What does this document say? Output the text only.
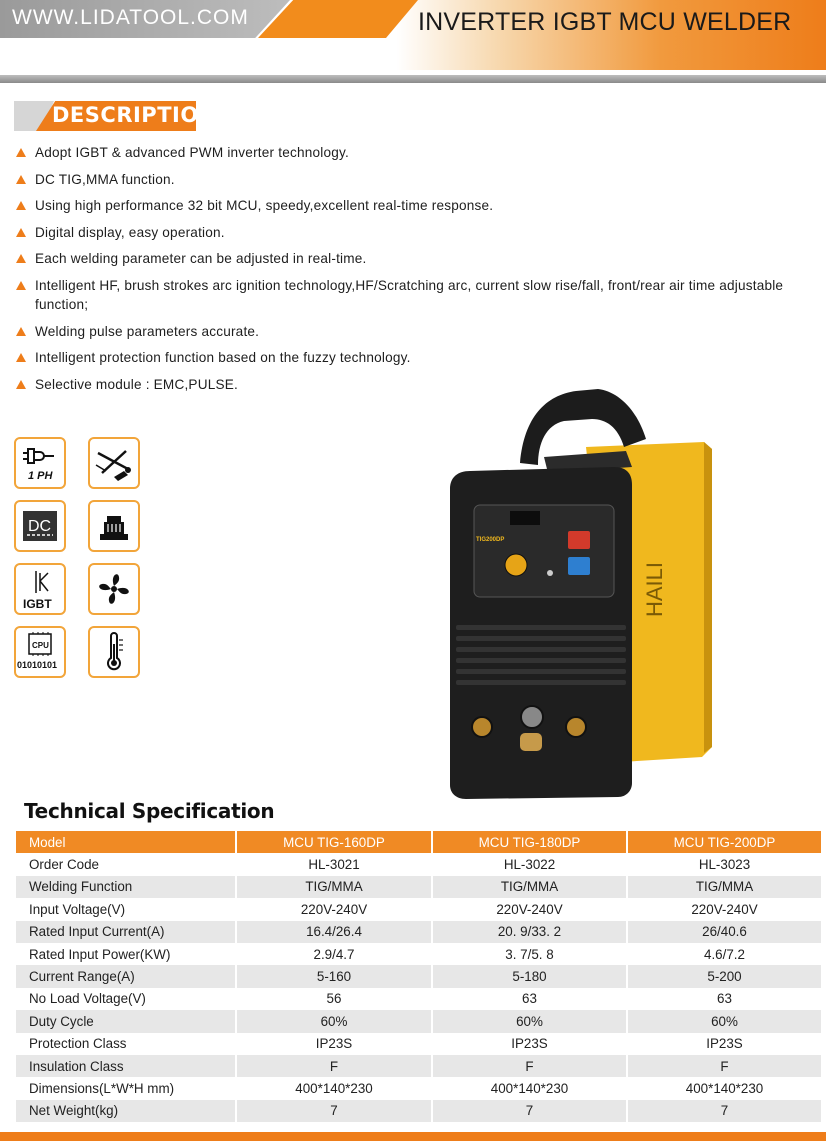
WWW.LIDATOOL.COM	INVERTER IGBT MCU WELDER
DESCRIPTION
Adopt IGBT & advanced PWM inverter technology.
DC TIG,MMA function.
Using high performance 32 bit MCU, speedy,excellent real-time response.
Digital display, easy operation.
Each welding parameter can be adjusted in real-time.
Intelligent HF, brush strokes arc ignition technology,HF/Scratching arc, current slow rise/fall, front/rear air time adjustable function;
Welding pulse parameters accurate.
Intelligent protection function based on the fuzzy technology.
Selective module : EMC,PULSE.
1 PH
DC
IGBT
CPU
01010101
TIG200DP
HAILI
Technical Specification
Model	MCU TIG-160DP	MCU TIG-180DP	MCU TIG-200DP
Order Code	HL-3021	HL-3022	HL-3023
Welding Function	TIG/MMA	TIG/MMA	TIG/MMA
Input Voltage(V)	220V-240V	220V-240V	220V-240V
Rated Input Current(A)	16.4/26.4	20. 9/33. 2	26/40.6
Rated Input Power(KW)	2.9/4.7	3. 7/5. 8	4.6/7.2
Current Range(A)	5-160	5-180	5-200
No Load Voltage(V)	56	63	63
Duty Cycle	60%	60%	60%
Protection Class	IP23S	IP23S	IP23S
Insulation Class	F	F	F
Dimensions(L*W*H mm)	400*140*230	400*140*230	400*140*230
Net Weight(kg)	7	7	7
